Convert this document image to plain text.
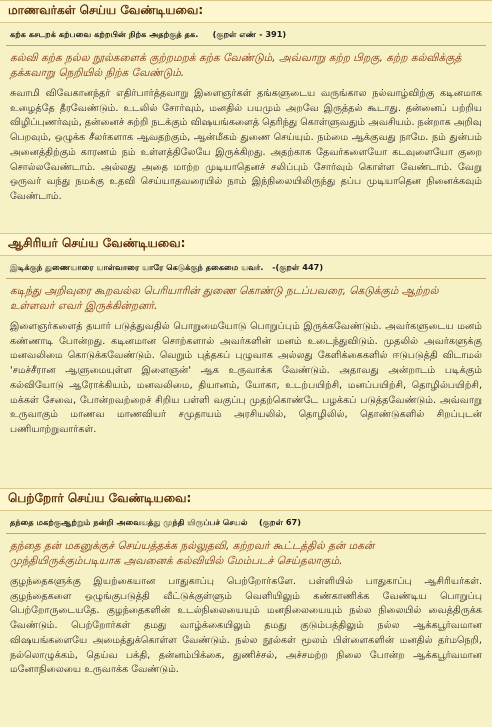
மாணவர்கள் செய்ய வேண்டியவை:
கற்க கசடறக் கற்பவை கற்றபின் நிற்க அதற்குத் தக. (குறள் எண் - 391)
கல்வி கற்க நல்ல நூல்களைக் குற்றமறக் கற்க வேண்டும், அவ்வாறு கற்ற பிறகு, கற்ற கல்விக்குத் தக்கவாறு நெறியில் நிற்க வேண்டும்.
சுவாமி விவேகானந்தர் எதிர்பார்த்தவாறு இளைஞர்கள் தங்களுடைய வருங்கால நல்வாழ்விற்கு கடினமாக உழைத்தே தீரவேண்டும். உடலில் சோர்வும், மனதில் பயமும் அறவே இருத்தல் கூடாது. தன்னைப் பற்றிய விழிப்புணர்வும், தன்னைச் சுற்றி நடக்கும் விஷயங்களைத் தெரிந்து கொள்ளுவதும் அவசியம். நன்றாக அறிவு பெறவும், ஒழுக்க சீலர்களாக ஆவதற்கும், ஆன்மீகம் துணை செய்யும். நம்மை ஆக்குவது நாமே. நம் துன்பம் அனைத்திற்கும் காரணம் நம் உள்ளத்திலேயே இருக்கிறது. அதற்காக தேவர்களையோ கடவுளையோ குறை சொல்லவேண்டாம். அல்லது அதை மாற்ற முடியாதெனச் சலிப்பும் சோர்வும் கொள்ள வேண்டாம். வேறு ஒருவர் வந்து நமக்கு உதவி செய்யாதவரையில் நாம் இந்நிலையிலிருந்து தப்ப முடியாதென நினைக்கவும் வேண்டாம்.
ஆசிரியர் செய்ய வேண்டியவை:
இடிக்குந் துணையாரை யாள்வாரை யாரே கெடுக்குந் தகைமை யவர். -(குறள் 447)
கடிந்து அறிவுரை கூறவல்ல பெரியாரின் துணை கொண்டு நடப்பவரை, கெடுக்கும் ஆற்றல் உள்ளவர் எவர் இருக்கின்றனர்.
இளைஞர்களைத் தயார் படுத்துவதில் பொறுமையோடு பொறுப்பும் இருக்கவேண்டும். அவர்களுடைய மனம் கண்ணாடி போன்றது. கடினமான சொற்களால் அவர்களின் மனம் உடைந்துவிடும். முதலில் அவர்களுக்கு மனவலிமை கொடுக்கவேண்டும். வெறும் புத்தகப் புழுவாக அல்லது கேளிக்கைகளில் ஈடுபடுத்தி விடாமல் 'சமச்சீரான ஆளுமையுள்ள இளைஞன்' ஆக உருவாக்க வேண்டும். அதாவது அன்றாடம் படிக்கும் கல்வியோடு ஆரோக்கியம், மனவலிமை, தியானம், யோகா, உடற்பயிற்சி, மனப்பயிற்சி, தொழில்பயிற்சி, மக்கள் சேவை, போன்றவற்றைச் சிறிய பள்ளி வகுப்பு முதற்கொண்டே பழக்கப் படுத்தவேண்டும். அவ்வாறு உருவாகும் மாணவ மாணவியர் சமுதாயம் அரசியலில், தொழிலில், தொண்டுகளில் சிறப்புடன் பணியாற்றுவார்கள்.
பெற்றோர் செய்ய வேண்டியவை:
தந்தை மகற்குஆற்றும் நன்றி அவையத்து முந்தி யிருப்பச் செயல் (குறள் 67)
தந்தை தன் மகனுக்குச் செய்யத்தக்க நல்லுதவி, கற்றவர் கூட்டத்தில் தன் மகன் முந்தியிருக்கும்படியாக அவனைக் கல்வியில் மேம்படச் செய்தலாகும்.
குழந்தைகளுக்கு இயற்கையான பாதுகாப்பு பெற்றோர்களே. பள்ளியில் பாதுகாப்பு ஆசிரியர்கள். குழந்தைகளை ஒழுங்குபடுத்தி வீட்டுக்குள்ளும் வெளியிலும் கண்காணிக்க வேண்டிய பொறுப்பு பெற்றோருடையதே. குழந்தைகளின் உடல்நிலையையும் மனநிலையையும் நல்ல நிலையில் வைத்திருக்க வேண்டும். பெற்றோர்கள் தமது வாழ்க்கையிலும் தமது குடும்பத்திலும் நல்ல ஆக்கபூர்வமான விஷயங்களையே அமைத்துக்கொள்ள வேண்டும். நல்ல நூல்கள் மூலம் பிள்ளைகளின் மனதில் தர்மநெறி, நல்லொழுக்கம், தெய்வ பக்தி, தன்னம்பிக்கை, துணிச்சல், அச்சமற்ற நிலை போன்ற ஆக்கபூர்வமான மனோநிலையை உருவாக்க வேண்டும்.
